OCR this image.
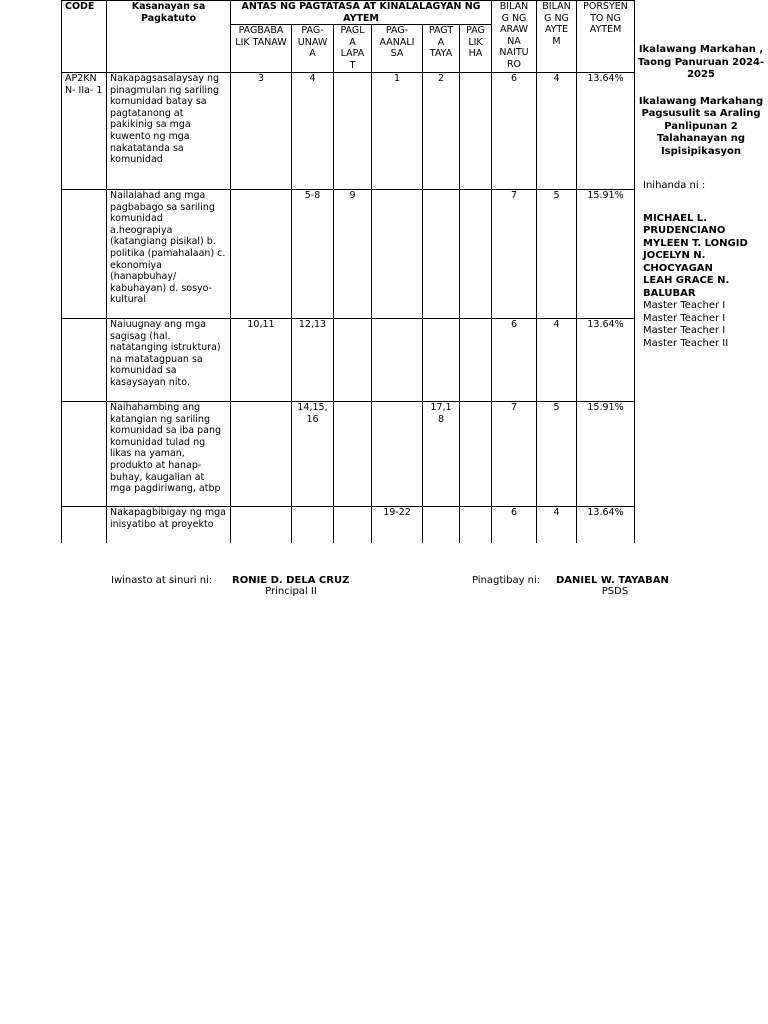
CODE	Kasanayan sa Pagkatuto	ANTAS NG PAGTATASA AT KINALALAGYAN NG AYTEM						BILAN G NG ARAW NA NAITU RO	BILAN G NG AYTE M	PORSYEN TO NG AYTEM
		PAGBABA LIK TANAW	PAG- UNAW A	PAGL A LAPA T	PAG- AANALI SA	PAGT A TAYA	PAG LIK HA			
AP2KN N- IIa- 1	Nakapagsasalaysay ng pinagmulan ng sariling komunidad batay sa pagtatanong at pakikinig sa mga kuwento ng mga nakatatanda sa komunidad	3	4		1	2		6	4	13.64%
	Nailalahad ang mga pagbabago sa sariling komunidad a.heograpiya (katangiang pisikal) b. politika (pamahalaan) c. ekonomiya (hanapbuhay/ kabuhayan) d. sosyo-kultural		5-8	9				7	5	15.91%
	Naiuugnay ang mga sagisag (hal. natatanging istruktura) na matatagpuan sa komunidad sa kasaysayan nito.	10,11	12,13					6	4	13.64%
	Naihahambing ang katangian ng sariling komunidad sa iba pang komunidad tulad ng likas na yaman, produkto at hanap-buhay, kaugalian at mga pagdiriwang, atbp		14,15, 16			17,1 8		7	5	15.91%
	Nakapagbibigay ng mga inisyatibo at proyekto				19-22			6	4	13.64%
Ikalawang Markahan , Taong Panuruan 2024-2025
Ikalawang Markahang Pagsusulit sa Araling Panlipunan 2 Talahanayan ng Ispisipikasyon
Inihanda ni :
MICHAEL L. PRUDENCIANO
MYLEEN T. LONGID
JOCELYN N. CHOCYAGAN
LEAH GRACE N. BALUBAR
Master Teacher I
Master Teacher I
Master Teacher I
Master Teacher II
Iwinasto at sinuri ni: RONIE D. DELA CRUZ
Principal II
Pinagtibay ni: DANIEL W. TAYABAN
PSDS
